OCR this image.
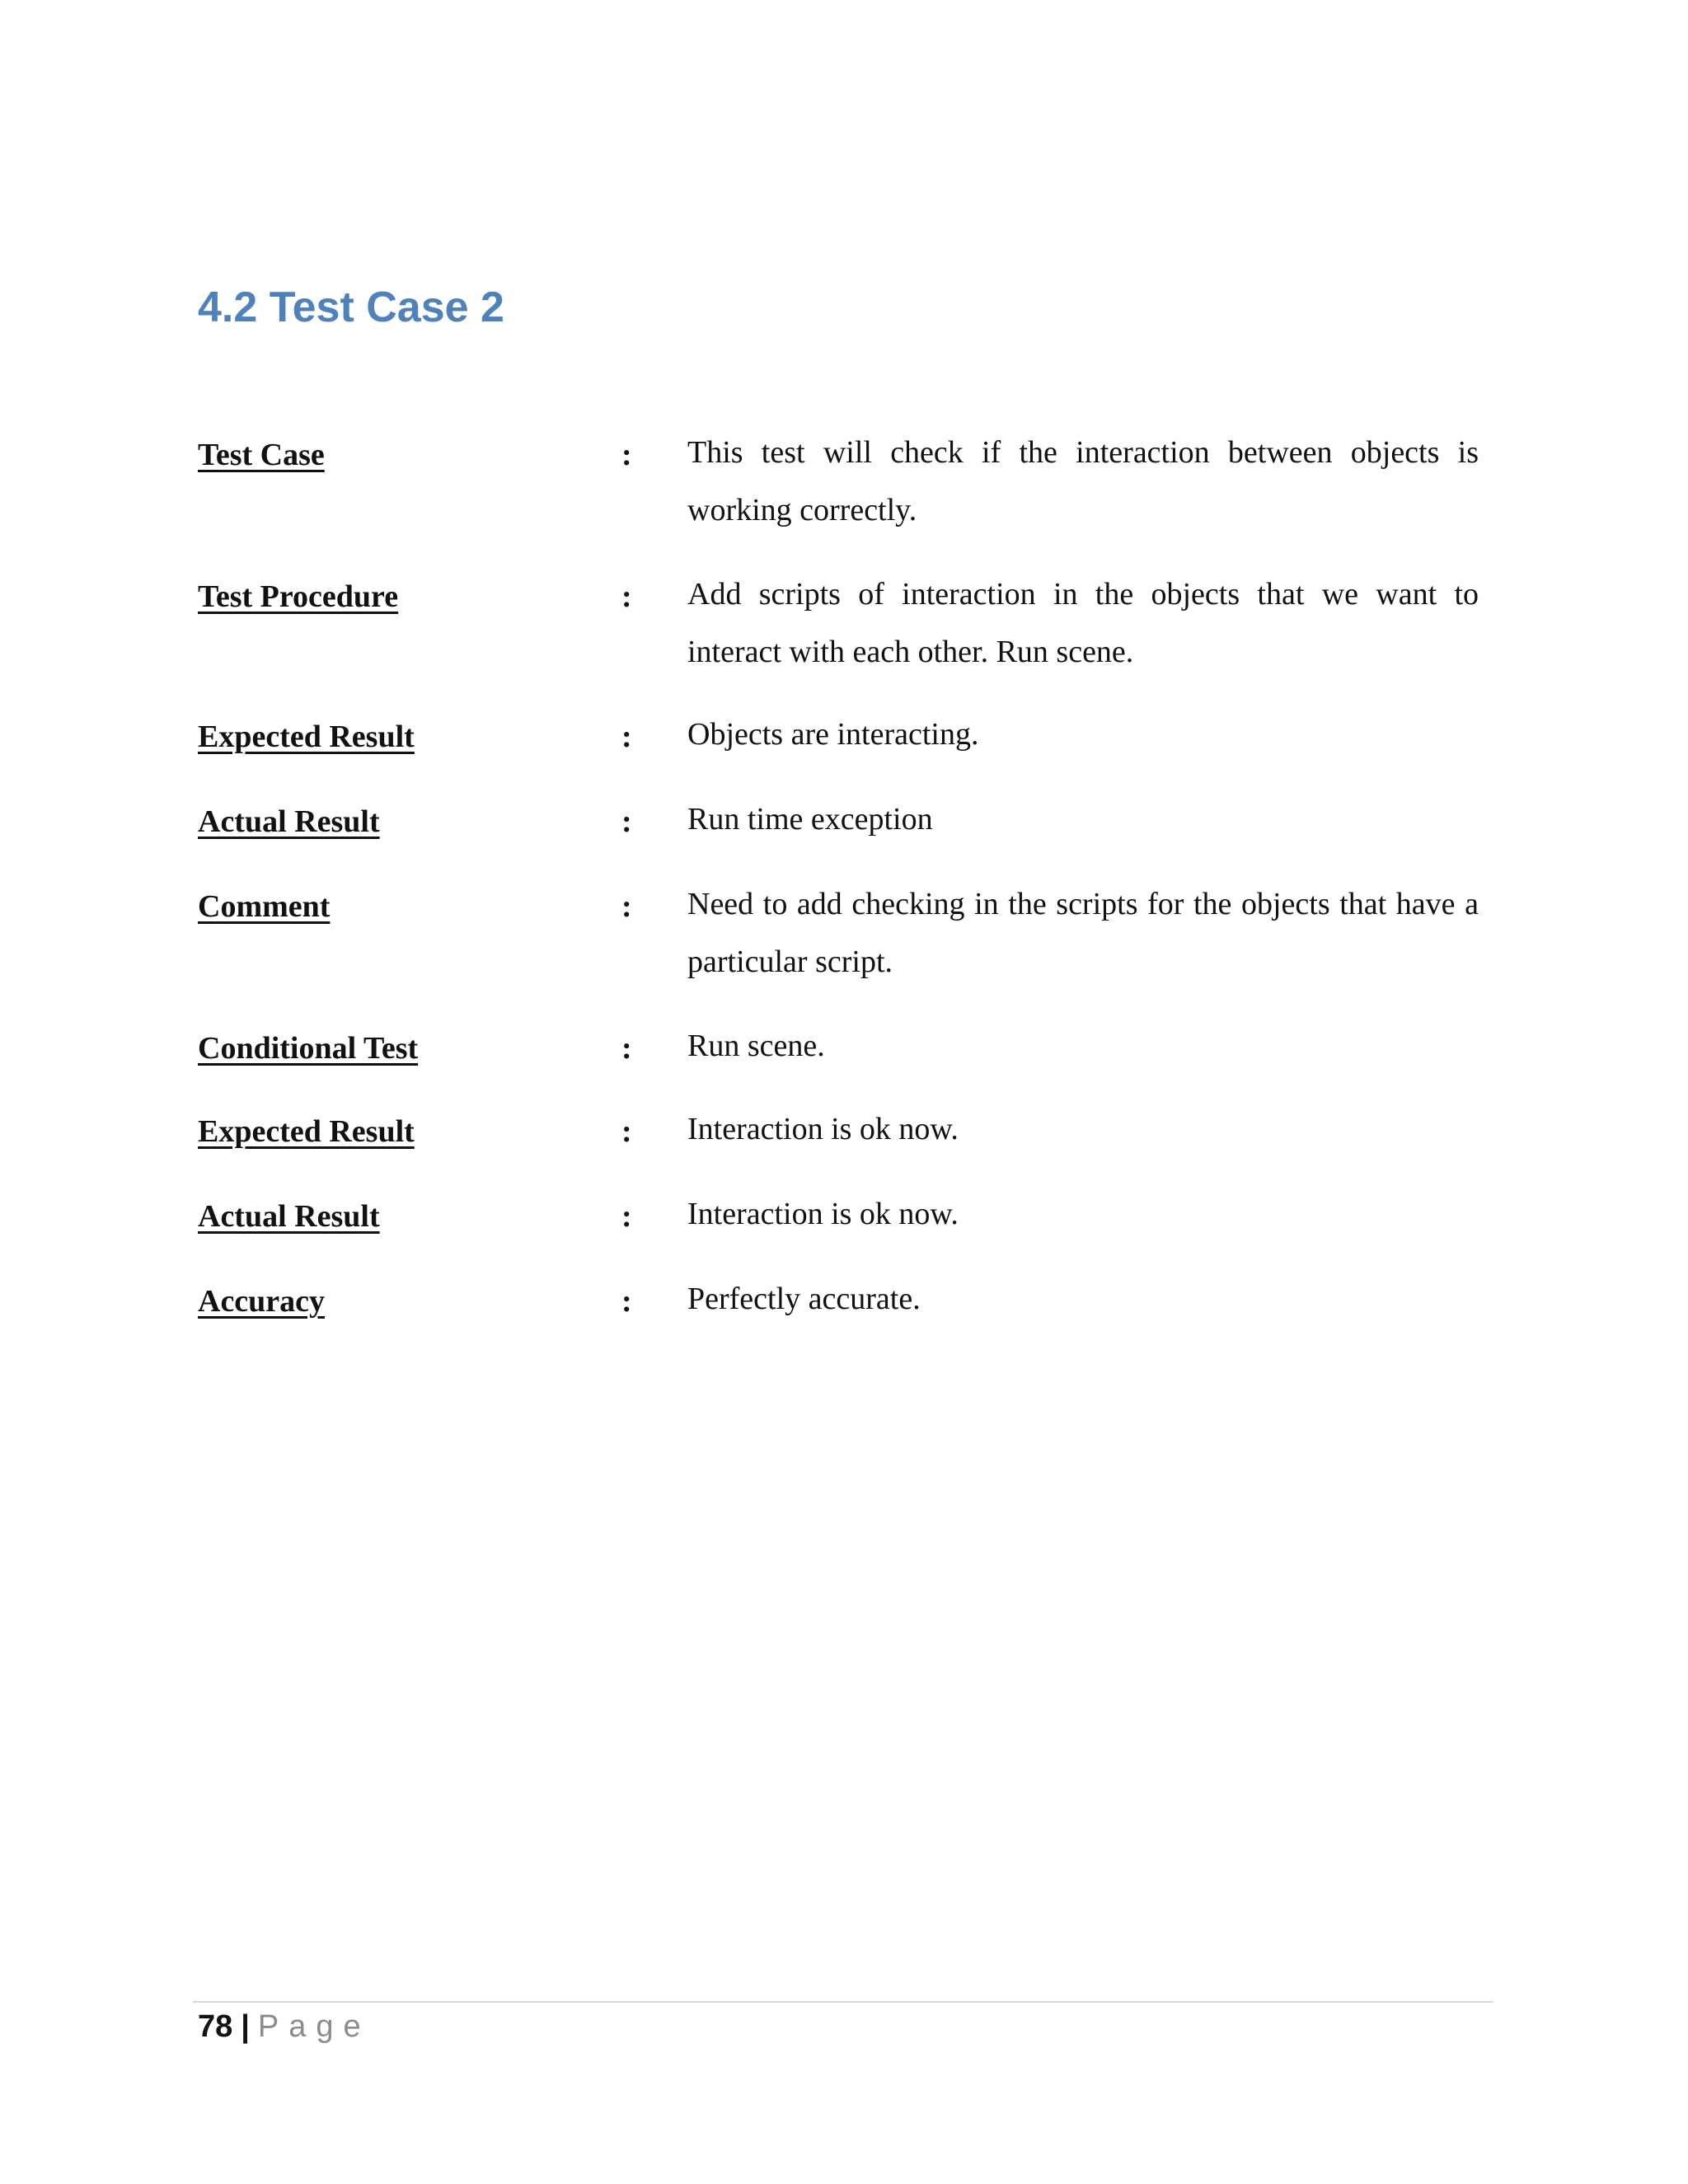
4.2 Test Case 2
Test Case	: This test will check if the interaction between objects is working correctly.
Test Procedure	: Add scripts of interaction in the objects that we want to interact with each other. Run scene.
Expected Result	: Objects are interacting.
Actual Result	: Run time exception
Comment	: Need to add checking in the scripts for the objects that have a particular script.
Conditional Test	: Run scene.
Expected Result	: Interaction is ok now.
Actual Result	: Interaction is ok now.
Accuracy	: Perfectly accurate.
78 | Page
